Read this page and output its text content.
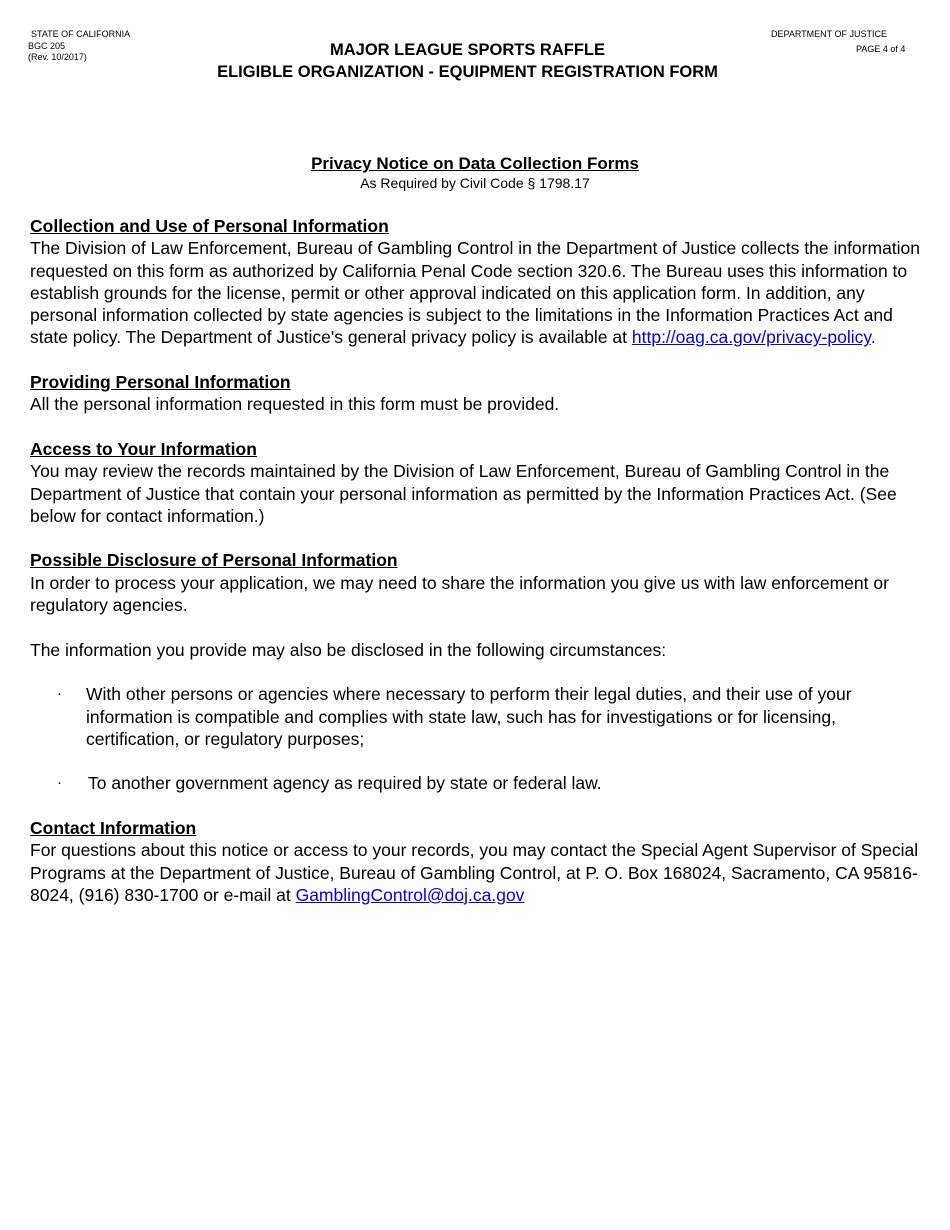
STATE OF CALIFORNIA
BGC 205
(Rev. 10/2017)
DEPARTMENT OF JUSTICE
PAGE 4 of 4
MAJOR LEAGUE SPORTS RAFFLE
ELIGIBLE ORGANIZATION - EQUIPMENT REGISTRATION FORM
Privacy Notice on Data Collection Forms
As Required by Civil Code § 1798.17

Collection and Use of Personal Information

The Division of Law Enforcement, Bureau of Gambling Control in the Department of Justice collects the information requested on this form as authorized by California Penal Code section 320.6. The Bureau uses this information to establish grounds for the license, permit or other approval indicated on this application form. In addition, any personal information collected by state agencies is subject to the limitations in the Information Practices Act and state policy. The Department of Justice's general privacy policy is available at http://oag.ca.gov/privacy-policy.

Providing Personal Information

All the personal information requested in this form must be provided.

Access to Your Information

You may review the records maintained by the Division of Law Enforcement, Bureau of Gambling Control in the Department of Justice that contain your personal information as permitted by the Information Practices Act. (See below for contact information.)

Possible Disclosure of Personal Information

In order to process your application, we may need to share the information you give us with law enforcement or regulatory agencies.

The information you provide may also be disclosed in the following circumstances:

· With other persons or agencies where necessary to perform their legal duties, and their use of your information is compatible and complies with state law, such has for investigations or for licensing, certification, or regulatory purposes;
· To another government agency as required by state or federal law.

Contact Information

For questions about this notice or access to your records, you may contact the Special Agent Supervisor of Special Programs at the Department of Justice, Bureau of Gambling Control, at P. O. Box 168024, Sacramento, CA 95816-8024, (916) 830-1700 or e-mail at GamblingControl@doj.ca.gov
